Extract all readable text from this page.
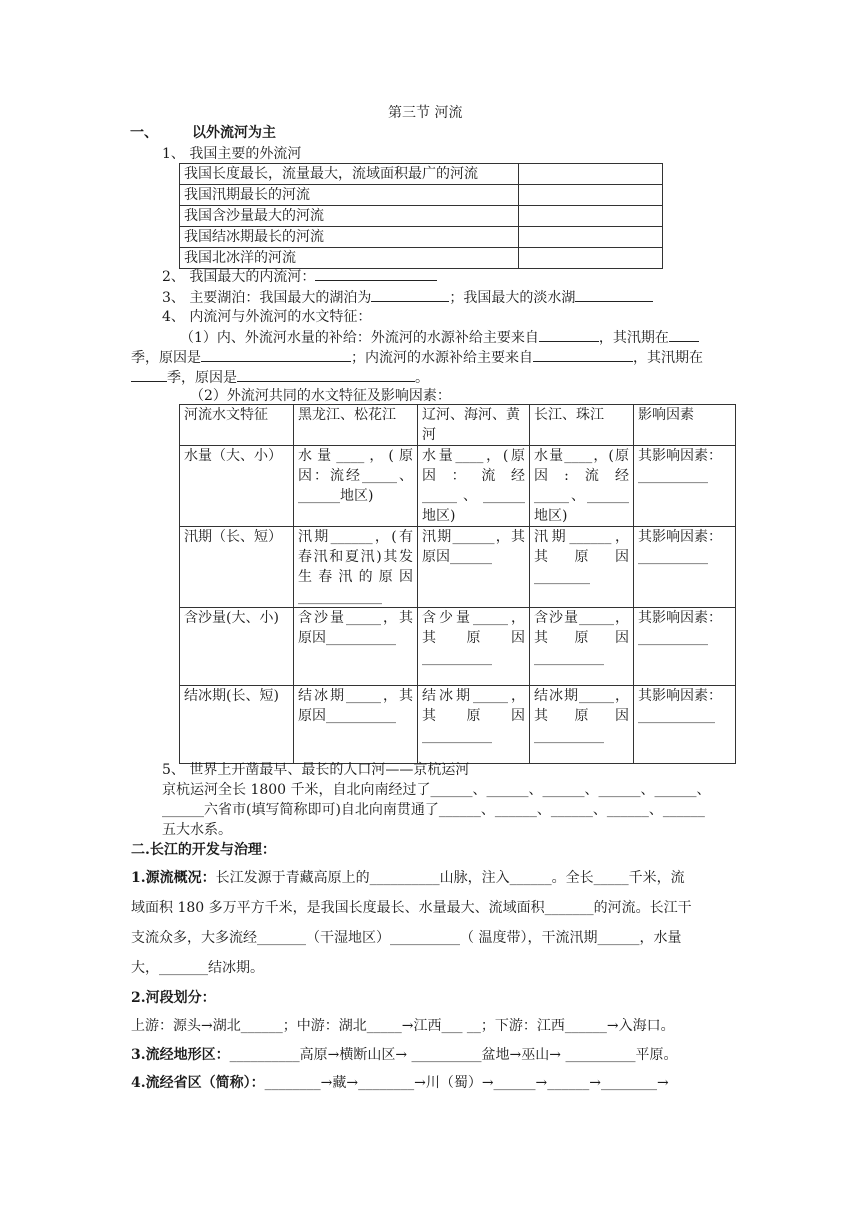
第三节 河流
一、 以外流河为主
1、 我国主要的外流河
我国长度最长，流量最大，流域面积最广的河流	
我国汛期最长的河流	
我国含沙量最大的河流	
我国结冰期最长的河流	
我国北冰洋的河流	
2、 我国最大的内流河：
3、 主要湖泊：我国最大的湖泊为	；我国最大的淡水湖
4、 内流河与外流河的水文特征：
（1）内、外流河水量的补给：外流河的水源补给主要来自	，其汛期在
季，原因是	；内流河的水源补给主要来自	，其汛期在
季，原因是	。
（2）外流河共同的水文特征及影响因素：
河流水文特征	黑龙江、松花江	辽河、海河、黄河	长江、珠江	影响因素
水量（大、小）	水量____，(原因：流经_____、______地区)	水量____，(原因：流经_____、______地区)	水量____，(原因:流经_____、______地区)	其影响因素：__________
汛期（长、短）	汛期______，(有春汛和夏汛)其发生春汛的原因____________	汛期______，其原因______	汛期______，其原因________	其影响因素：__________
含沙量(大、小)	含沙量_____，其原因__________	含少量_____，其原因__________	含沙量_____，其原因__________	其影响因素：__________
结冰期(长、短)	结冰期_____，其原因__________	结冰期_____，其原因__________	结冰期_____，其原因__________	其影响因素：___________
5、 世界上开凿最早、最长的人口河——京杭运河
京杭运河全长 1800 千米，自北向南经过了______、______、______、______、______、
______六省市(填写简称即可)自北向南贯通了______、______、______、______、______
五大水系。
二.长江的开发与治理：
1.源流概况：长江发源于青藏高原上的__________山脉，注入______。全长_____千米，流
域面积 180 多万平方千米，是我国长度最长、水量最大、流域面积_______的河流。长江干
支流众多，大多流经_______（干湿地区）__________（ 温度带），干流汛期______，水量
大，_______结冰期。
2.河段划分：
上游：源头→湖北______；中游：湖北_____→江西___ __；下游：江西______→入海口。
3.流经地形区：__________高原→横断山区→ __________盆地→巫山→ __________平原。
4.流经省区（简称）：________→藏→________→川（蜀）→______→______→________→
